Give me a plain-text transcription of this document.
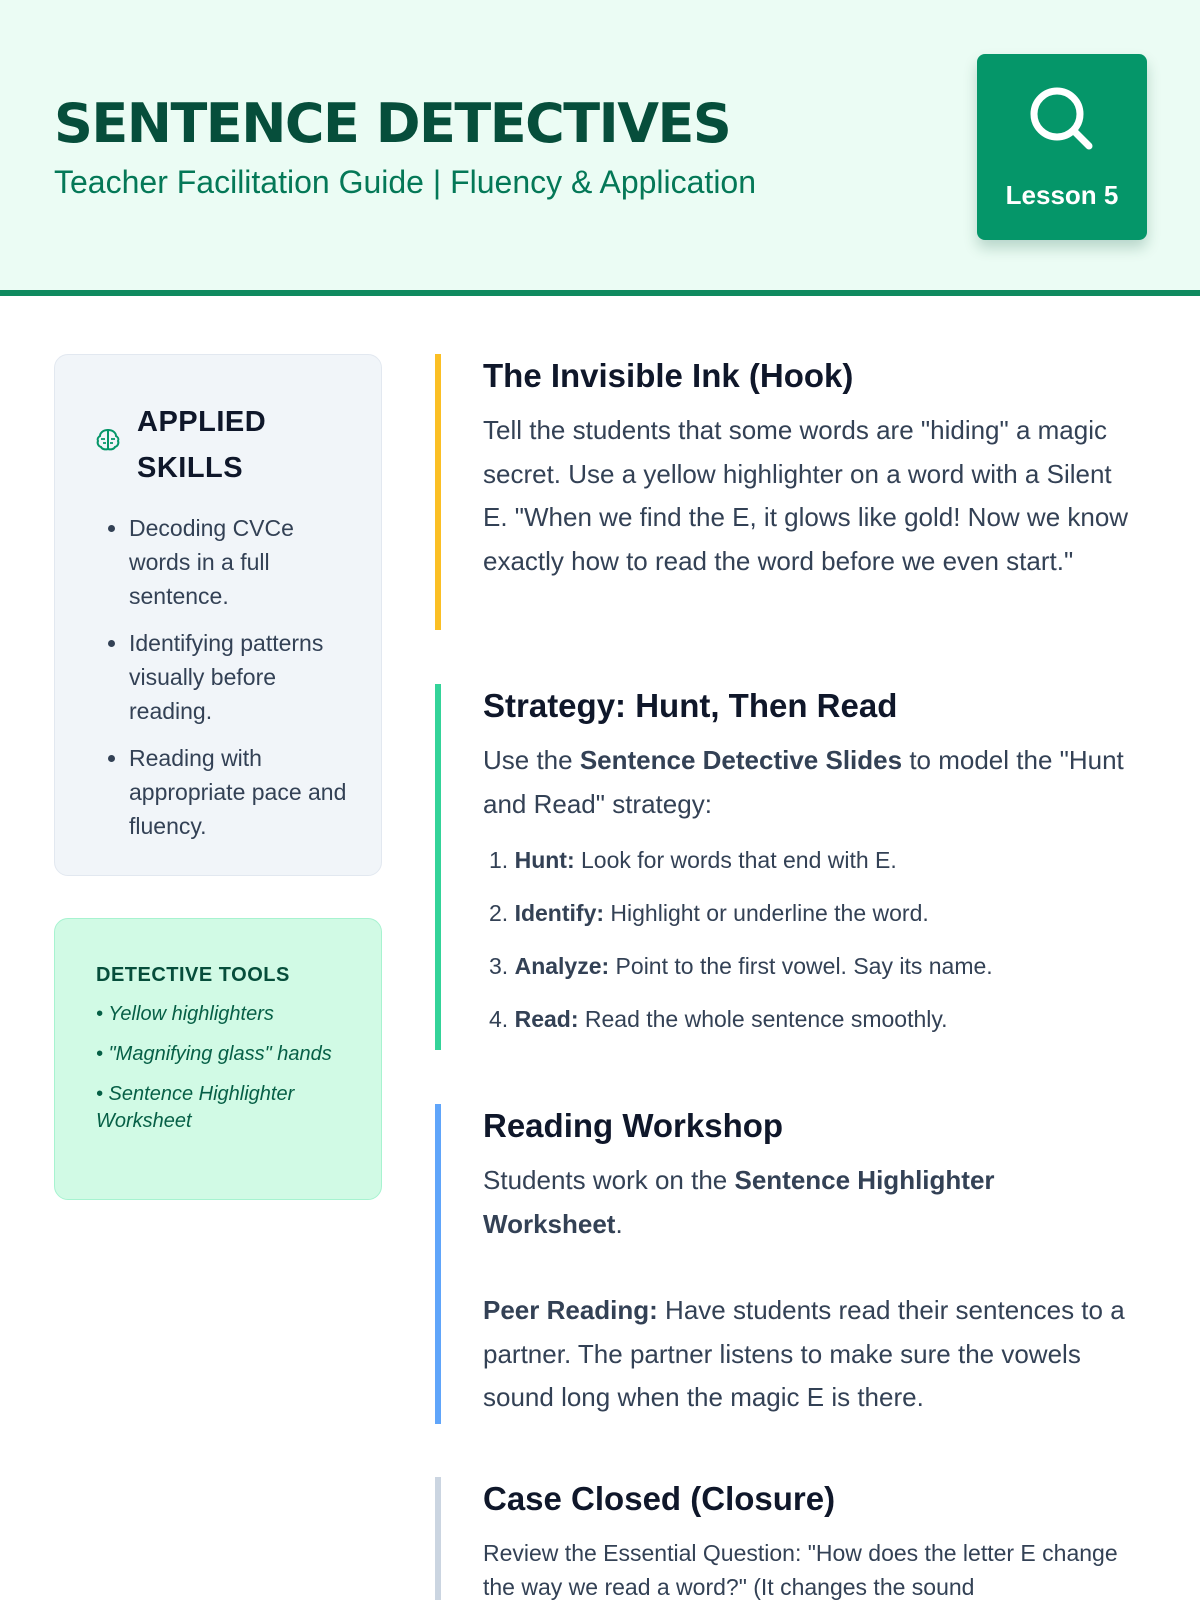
SENTENCE DETECTIVES
Teacher Facilitation Guide | Fluency & Application	Lesson 5
APPLIED SKILLS
• Decoding CVCe words in a full sentence.
• Identifying patterns visually before reading.
• Reading with appropriate pace and fluency.
DETECTIVE TOOLS
• Yellow highlighters
• "Magnifying glass" hands
• Sentence Highlighter Worksheet
The Invisible Ink (Hook)
Tell the students that some words are "hiding" a magic secret. Use a yellow highlighter on a word with a Silent E. "When we find the E, it glows like gold! Now we know exactly how to read the word before we even start."
Strategy: Hunt, Then Read
Use the Sentence Detective Slides to model the "Hunt and Read" strategy:
1. Hunt: Look for words that end with E.
2. Identify: Highlight or underline the word.
3. Analyze: Point to the first vowel. Say its name.
4. Read: Read the whole sentence smoothly.
Reading Workshop
Students work on the Sentence Highlighter Worksheet.
Peer Reading: Have students read their sentences to a partner. The partner listens to make sure the vowels sound long when the magic E is there.
Case Closed (Closure)
Review the Essential Question: "How does the letter E change the way we read a word?" (It changes the sound
